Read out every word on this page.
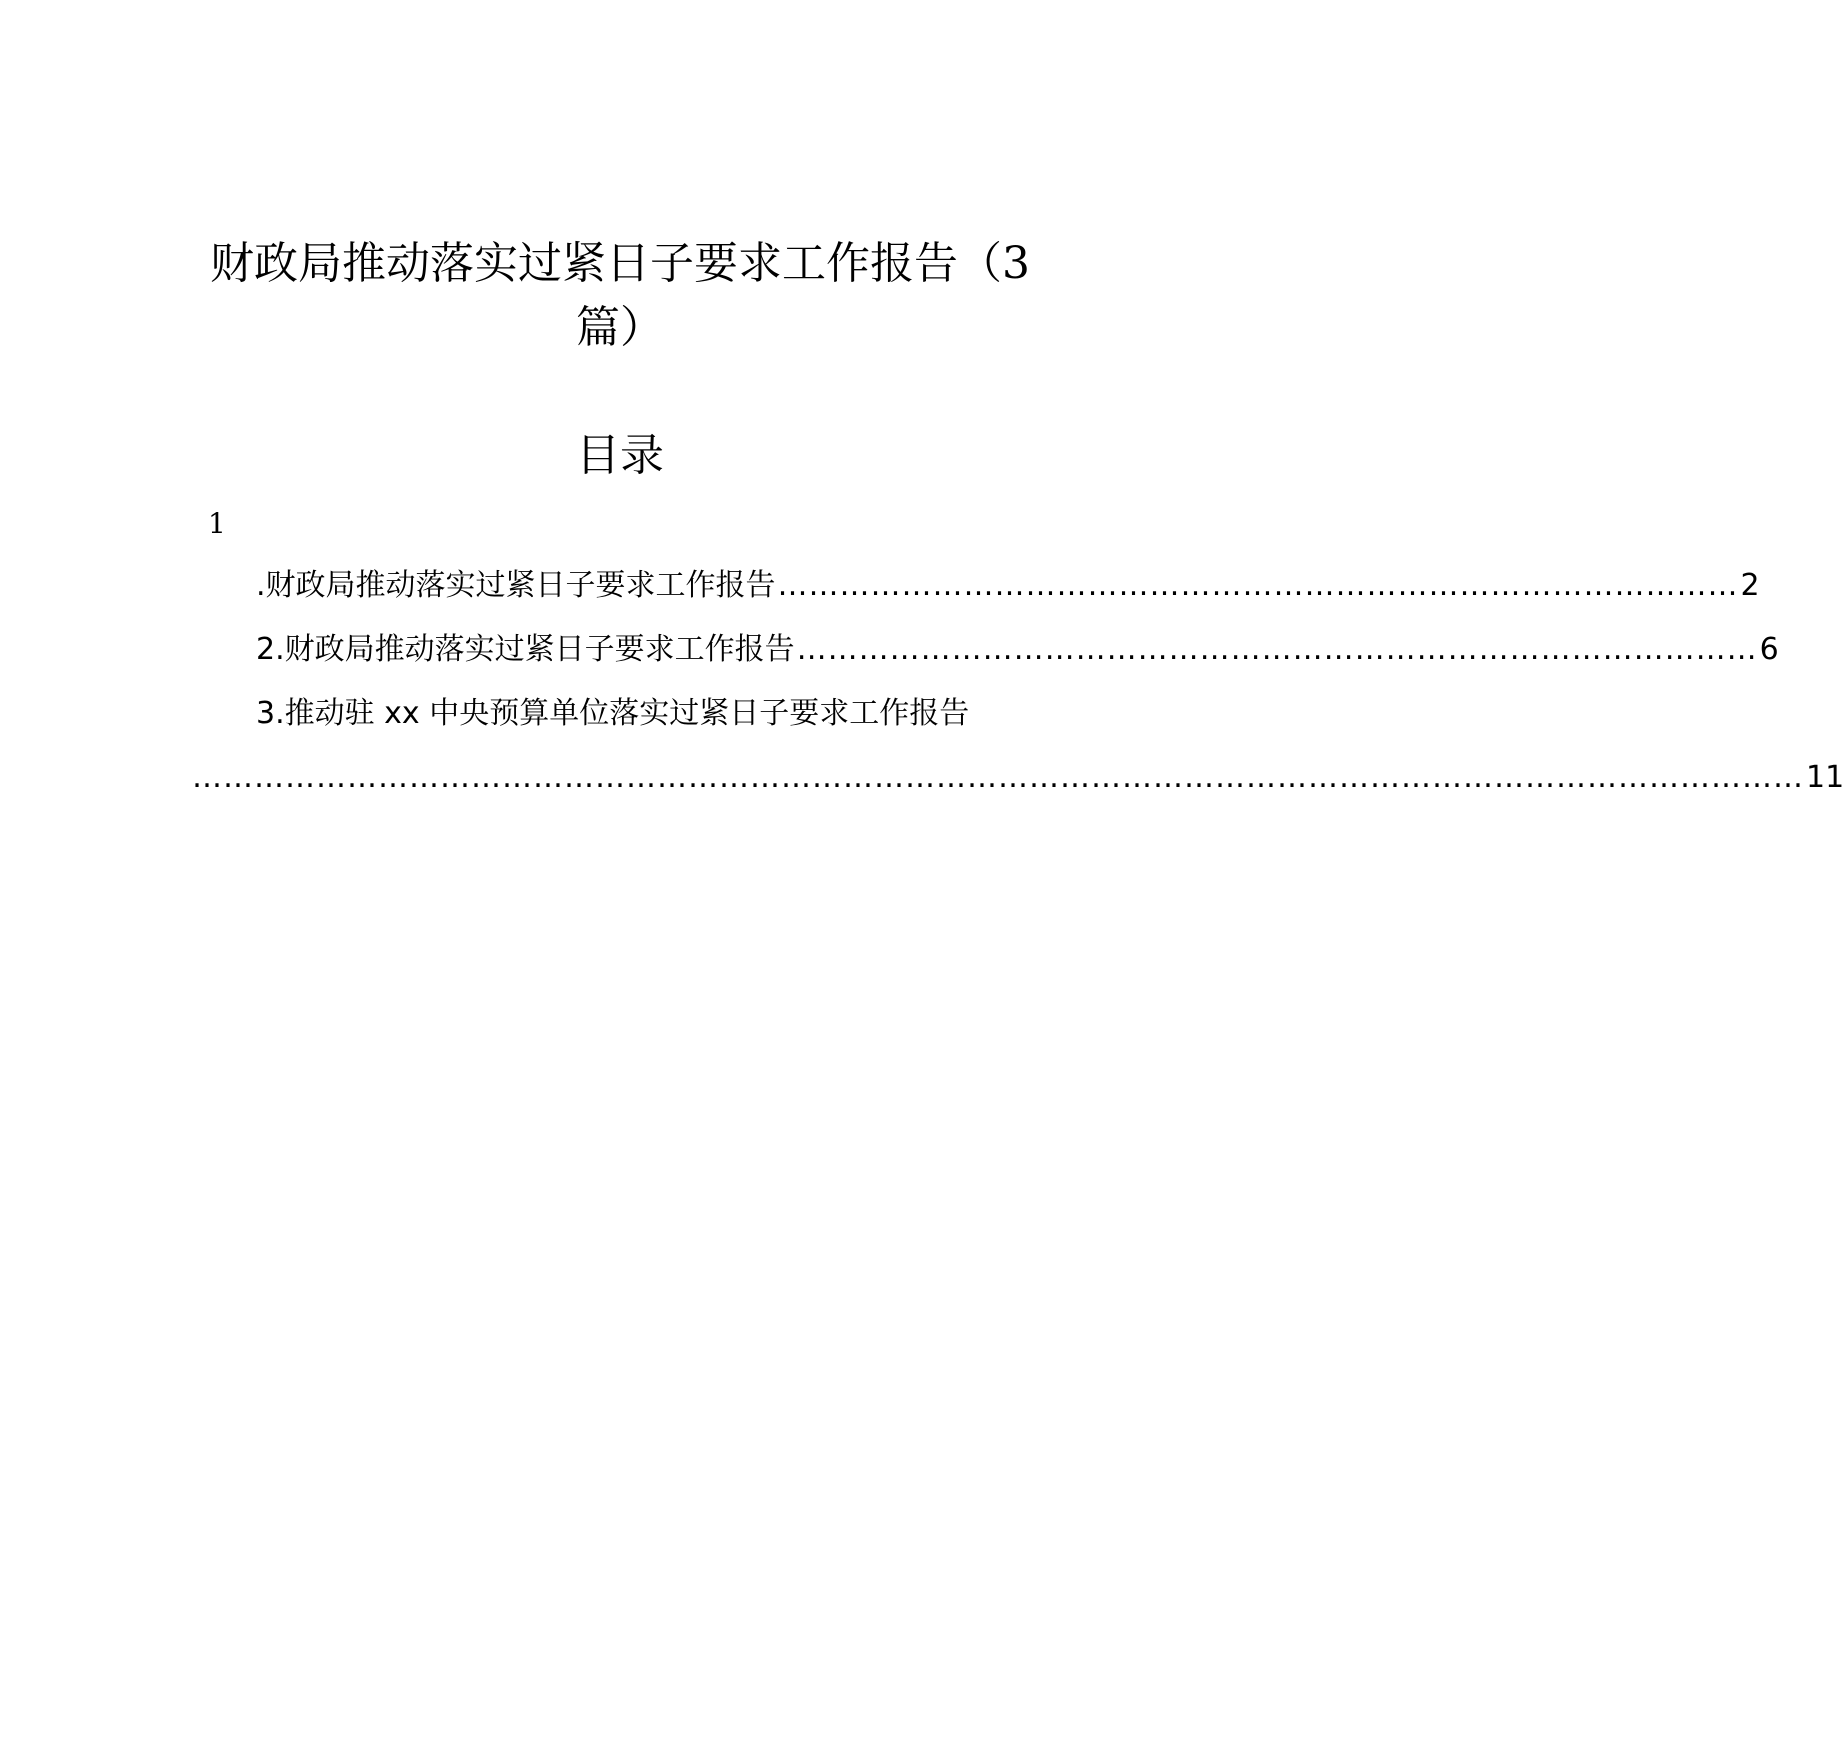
财政局推动落实过紧日子要求工作报告（3
篇）
目录
1
.财政局推动落实过紧日子要求工作报告 ………………………………………………………………………………… 2
2.财政局推动落实过紧日子要求工作报告 ………………………………………………………………………………… 6
3.推动驻 xx 中央预算单位落实过紧日子要求工作报告
………………………………………………………………………………………………………………………………………… 11
